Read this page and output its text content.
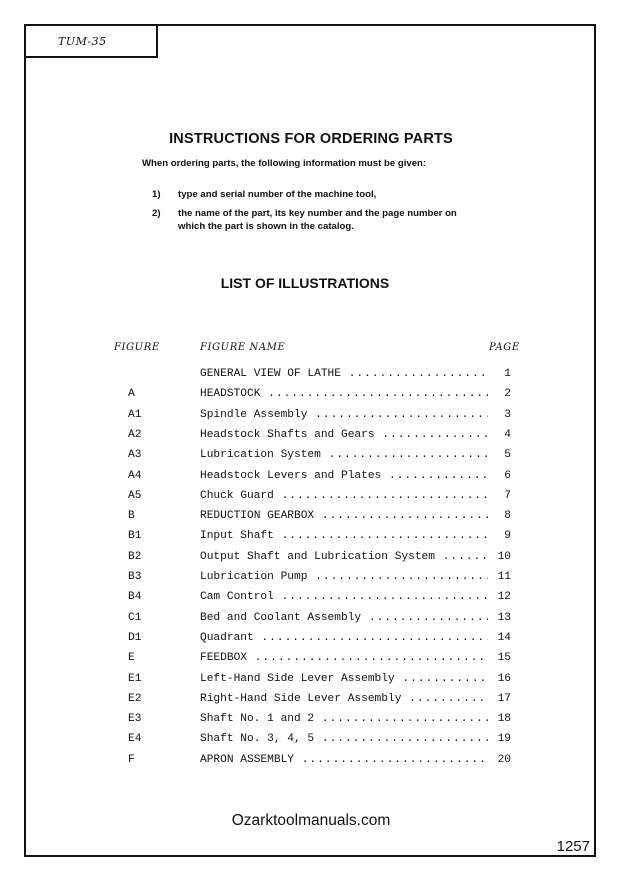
TUM-35
INSTRUCTIONS FOR ORDERING PARTS
When ordering parts, the following information must be given:
1) type and serial number of the machine tool,
2) the name of the part, its key number and the page number on which the part is shown in the catalog.
LIST OF ILLUSTRATIONS
FIGURE	FIGURE NAME	PAGE
GENERAL VIEW OF LATHE .....	1
A	HEADSTOCK .....	2
A1	Spindle Assembly .....	3
A2	Headstock Shafts and Gears .....	4
A3	Lubrication System .....	5
A4	Headstock Levers and Plates .....	6
A5	Chuck Guard .....	7
B	REDUCTION GEARBOX .....	8
B1	Input Shaft .....	9
B2	Output Shaft and Lubrication System .....	10
B3	Lubrication Pump .....	11
B4	Cam Control .....	12
C1	Bed and Coolant Assembly .....	13
D1	Quadrant .....	14
E	FEEDBOX .....	15
E1	Left-Hand Side Lever Assembly .....	16
E2	Right-Hand Side Lever Assembly .....	17
E3	Shaft No. 1 and 2 .....	18
E4	Shaft No. 3, 4, 5 .....	19
F	APRON ASSEMBLY .....	20
Ozarktoolmanuals.com
1257
